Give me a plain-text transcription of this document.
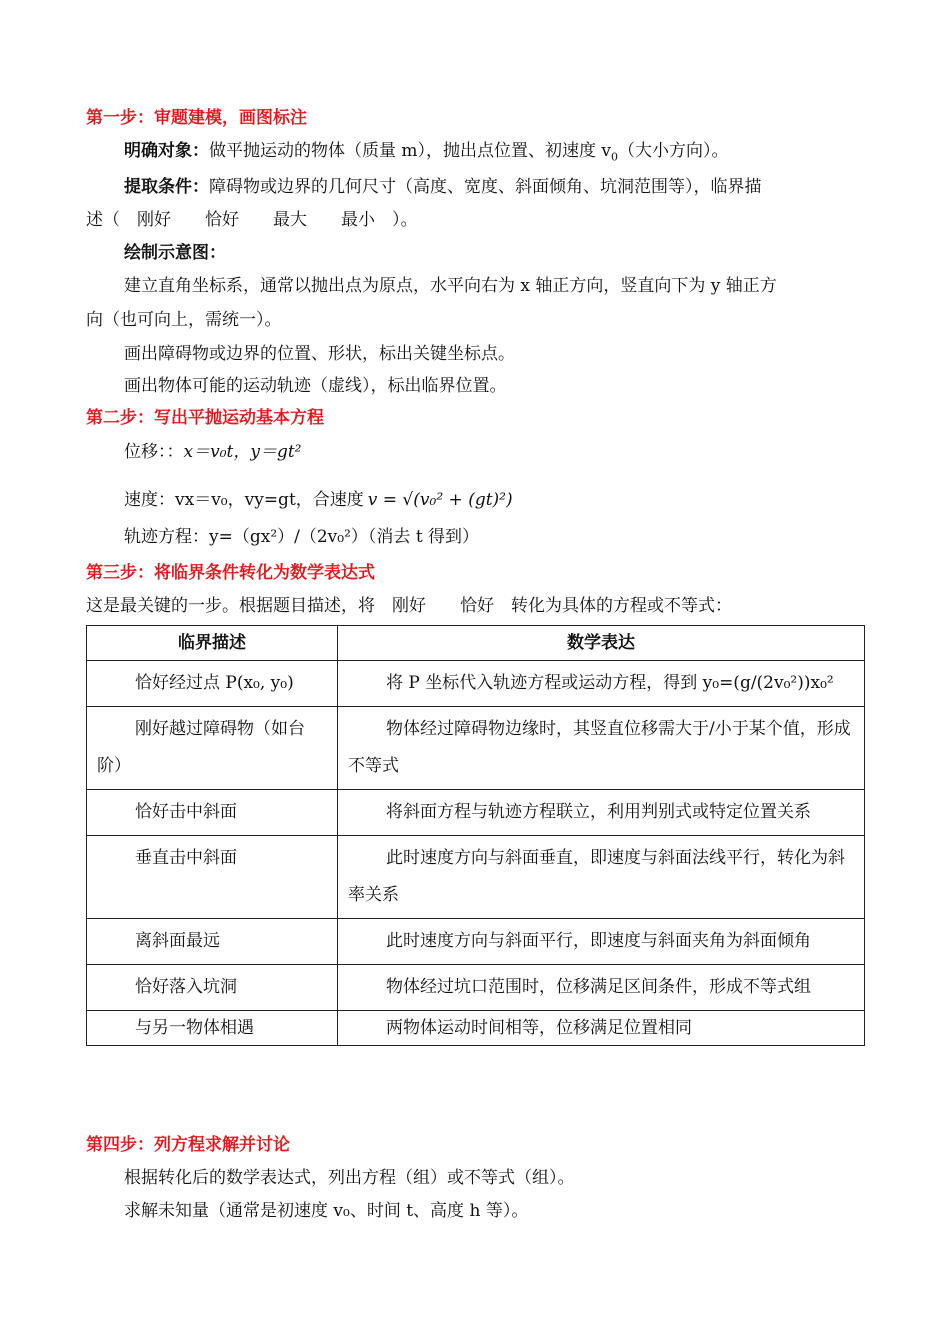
第一步：审题建模，画图标注
明确对象：做平抛运动的物体（质量 m），抛出点位置、初速度 $v_0$（大小方向）。
提取条件：障碍物或边界的几何尺寸（高度、宽度、斜面倾角、坑洞范围等），临界描
述（　刚好　　恰好　　最大　　最小　）。
绘制示意图：
建立直角坐标系，通常以抛出点为原点，水平向右为 x 轴正方向，竖直向下为 y 轴正方
向（也可向上，需统一）。
画出障碍物或边界的位置、形状，标出关键坐标点。
画出物体可能的运动轨迹（虚线），标出临界位置。
第二步：写出平抛运动基本方程
位移：：x＝v₀t，y＝gt²
速度：vx＝v₀，vy=gt，合速度 v = √(v₀² + (gt)²)
轨迹方程：y=（gx²）/（2v₀²）（消去 t 得到）
第三步：将临界条件转化为数学表达式
这是最关键的一步。根据题目描述，将　刚好　　恰好　转化为具体的方程或不等式：
临界描述	数学表达
恰好经过点 P(x₀, y₀)	将 P 坐标代入轨迹方程或运动方程，得到 y₀=(g/(2v₀²))x₀²
刚好越过障碍物（如台阶）	物体经过障碍物边缘时，其竖直位移需大于/小于某个值，形成不等式
恰好击中斜面	将斜面方程与轨迹方程联立，利用判别式或特定位置关系
垂直击中斜面	此时速度方向与斜面垂直，即速度与斜面法线平行，转化为斜率关系
离斜面最远	此时速度方向与斜面平行，即速度与斜面夹角为斜面倾角
恰好落入坑洞	物体经过坑口范围时，位移满足区间条件，形成不等式组
与另一物体相遇	两物体运动时间相等，位移满足位置相同
第四步：列方程求解并讨论
根据转化后的数学表达式，列出方程（组）或不等式（组）。
求解未知量（通常是初速度 v₀、时间 t、高度 h 等）。
